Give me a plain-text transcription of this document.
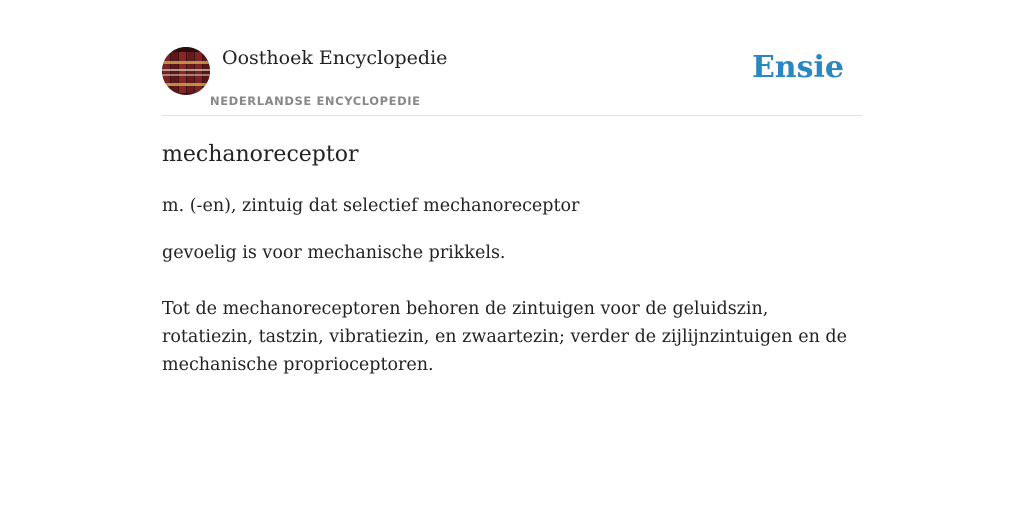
Oosthoek Encyclopedie
NEDERLANDSE ENCYCLOPEDIE
Ensie
mechanoreceptor

m. (-en), zintuig dat selectief mechanoreceptor

gevoelig is voor mechanische prikkels.

Tot de mechanoreceptoren behoren de zintuigen voor de geluidszin, rotatiezin, tastzin, vibratiezin, en zwaartezin; verder de zijlijnzintuigen en de mechanische proprioceptoren.
